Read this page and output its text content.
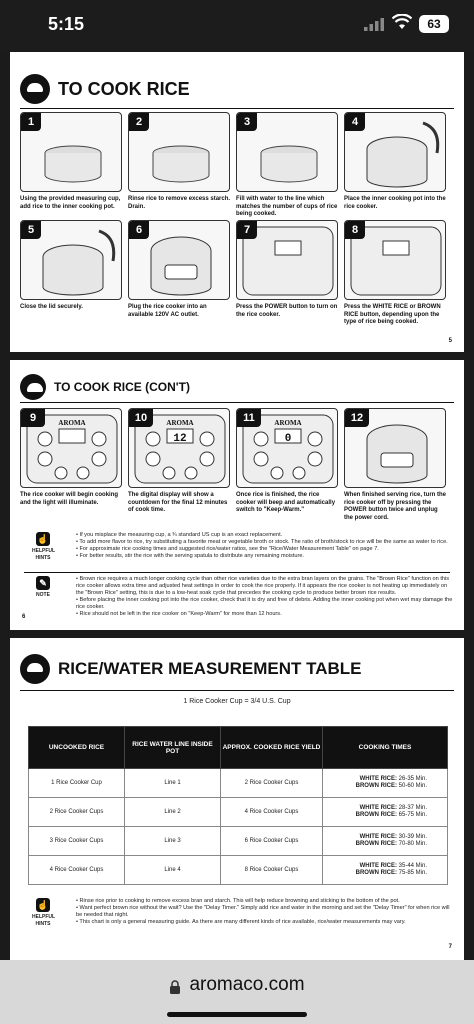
5:15	63
TO COOK RICE
5
1
Using the provided measuring cup, add rice to the inner cooking pot.
2
Rinse rice to remove excess starch. Drain.
3
Fill with water to the line which matches the number of cups of rice being cooked.
4
Place the inner cooking pot into the rice cooker.
5
Close the lid securely.
6
Plug the rice cooker into an available 120V AC outlet.
7
Press the POWER button to turn on the rice cooker.
8
Press the WHITE RICE or BROWN RICE button, depending upon the type of rice being cooked.
TO COOK RICE (CON'T)
☝
HELPFUL HINTS
• If you misplace the measuring cup, a ¾ standard US cup is an exact replacement.
• To add more flavor to rice, try substituting a favorite meat or vegetable broth or stock. The ratio of broth/stock to rice will be the same as water to rice.
• For approximate rice cooking times and suggested rice/water ratios, see the "Rice/Water Measurement Table" on page 7.
• For better results, stir the rice with the serving spatula to distribute any remaining moisture.
✎
NOTE
• Brown rice requires a much longer cooking cycle than other rice varieties due to the extra bran layers on the grains. The "Brown Rice" function on this rice cooker allows extra time and adjusted heat settings in order to cook the rice properly. If it appears the rice cooker is not heating up immediately on the "Brown Rice" setting, this is due to a low-heat soak cycle that precedes the cooking cycle to produce better brown rice results.
• Before placing the inner cooking pot into the rice cooker, check that it is dry and free of debris. Adding the inner cooking pot when wet may damage the rice cooker.
• Rice should not be left in the rice cooker on "Keep-Warm" for more than 12 hours.
6
AROMA
9
The rice cooker will begin cooking and the light will illuminate.
AROMA
12
10
The digital display will show a countdown for the final 12 minutes of cook time.
AROMA
0
11
Once rice is finished, the rice cooker will beep and automatically switch to "Keep-Warm."
12
When finished serving rice, turn the rice cooker off by pressing the POWER button twice and unplug the power cord.
RICE/WATER MEASUREMENT TABLE
1 Rice Cooker Cup = 3/4 U.S. Cup
UNCOOKED RICE	RICE WATER LINE INSIDE POT	APPROX. COOKED RICE YIELD	COOKING TIMES
1 Rice Cooker Cup	Line 1	2 Rice Cooker Cups	WHITE RICE: 26-35 Min.
BROWN RICE: 50-60 Min.

2 Rice Cooker Cups	Line 2	4 Rice Cooker Cups	WHITE RICE: 28-37 Min.
BROWN RICE: 65-75 Min.

3 Rice Cooker Cups	Line 3	6 Rice Cooker Cups	WHITE RICE: 30-39 Min.
BROWN RICE: 70-80 Min.

4 Rice Cooker Cups	Line 4	8 Rice Cooker Cups	WHITE RICE: 35-44 Min.
BROWN RICE: 75-85 Min.
☝
HELPFUL HINTS
• Rinse rice prior to cooking to remove excess bran and starch. This will help reduce browning and sticking to the bottom of the pot.
• Want perfect brown rice without the wait? Use the "Delay Timer." Simply add rice and water in the morning and set the "Delay Timer" for when rice will be needed that night.
• This chart is only a general measuring guide. As there are many different kinds of rice available, rice/water measurements may vary.
7
aromaco.com
